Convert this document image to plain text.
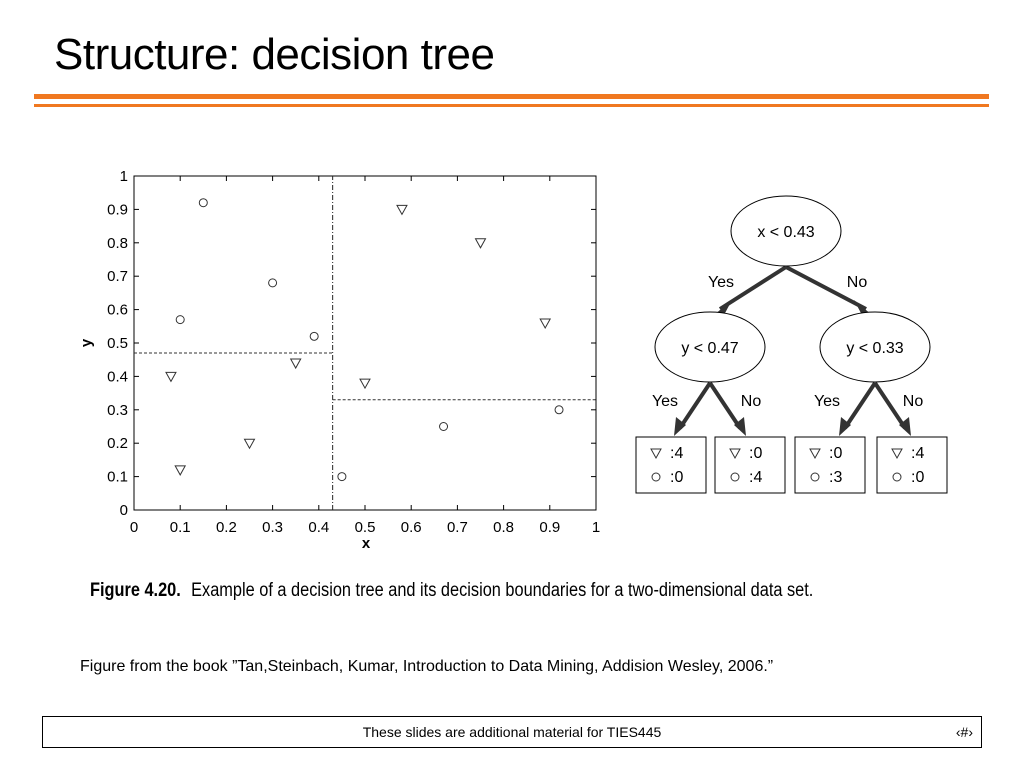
Structure: decision tree
0 0.1 0.2 0.3 0.4 0.5 0.6 0.7 0.8 0.9 1
0
0.1
0.2
0.3
0.4
0.5
0.6
0.7
0.8
0.9
1
x
y
x < 0.43
y < 0.47	y < 0.33
Yes	No
Yes	No	Yes	No
:4
:0
:0
:4
:0
:3
:4
:0
Figure 4.20. Example of a decision tree and its decision boundaries for a two-dimensional data set.
Figure from the book ”Tan,Steinbach, Kumar, Introduction to Data Mining, Addision Wesley, 2006.”
These slides are additional material for TIES445	‹#›
